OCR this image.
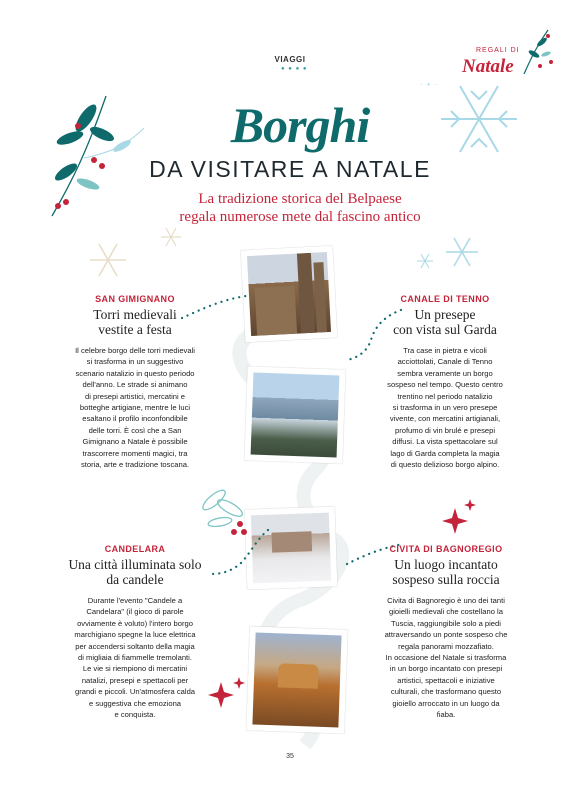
VIAGGI
● ● ● ●
REGALI DI
Natale
·  •  ·
Borghi
DA VISITARE A NATALE
La tradizione storica del Belpaese
regala numerose mete dal fascino antico
SAN GIMIGNANO
Torri medievali
vestite a festa
Il celebre borgo delle torri medievali
si trasforma in un suggestivo
scenario natalizio in questo periodo
dell'anno. Le strade si animano
di presepi artistici, mercatini e
botteghe artigiane, mentre le luci
esaltano il profilo inconfondibile
delle torri. È così che a San
Gimignano a Natale è possibile
trascorrere momenti magici, tra
storia, arte e tradizione toscana.
CANALE DI TENNO
Un presepe
con vista sul Garda
Tra case in pietra e vicoli
acciottolati, Canale di Tenno
sembra veramente un borgo
sospeso nel tempo. Questo centro
trentino nel periodo natalizio
si trasforma in un vero presepe
vivente, con mercatini artigianali,
profumo di vin brulé e presepi
diffusi. La vista spettacolare sul
lago di Garda completa la magia
di questo delizioso borgo alpino.
CANDELARA
Una città illuminata solo
da candele
Durante l'evento "Candele a
Candelara" (il gioco di parole
ovviamente è voluto) l'intero borgo
marchigiano spegne la luce elettrica
per accendersi soltanto della magia
di migliaia di fiammelle tremolanti.
Le vie si riempiono di mercatini
natalizi, presepi e spettacoli per
grandi e piccoli. Un'atmosfera calda
e suggestiva che emoziona
e conquista.
CIVITA DI BAGNOREGIO
Un luogo incantato
sospeso sulla roccia
Civita di Bagnoregio è uno dei tanti
gioielli medievali che costellano la
Tuscia, raggiungibile solo a piedi
attraversando un ponte sospeso che
regala panorami mozzafiato.
In occasione del Natale si trasforma
in un borgo incantato con presepi
artistici, spettacoli e iniziative
culturali, che trasformano questo
gioiello arroccato in un luogo da
fiaba.
35
